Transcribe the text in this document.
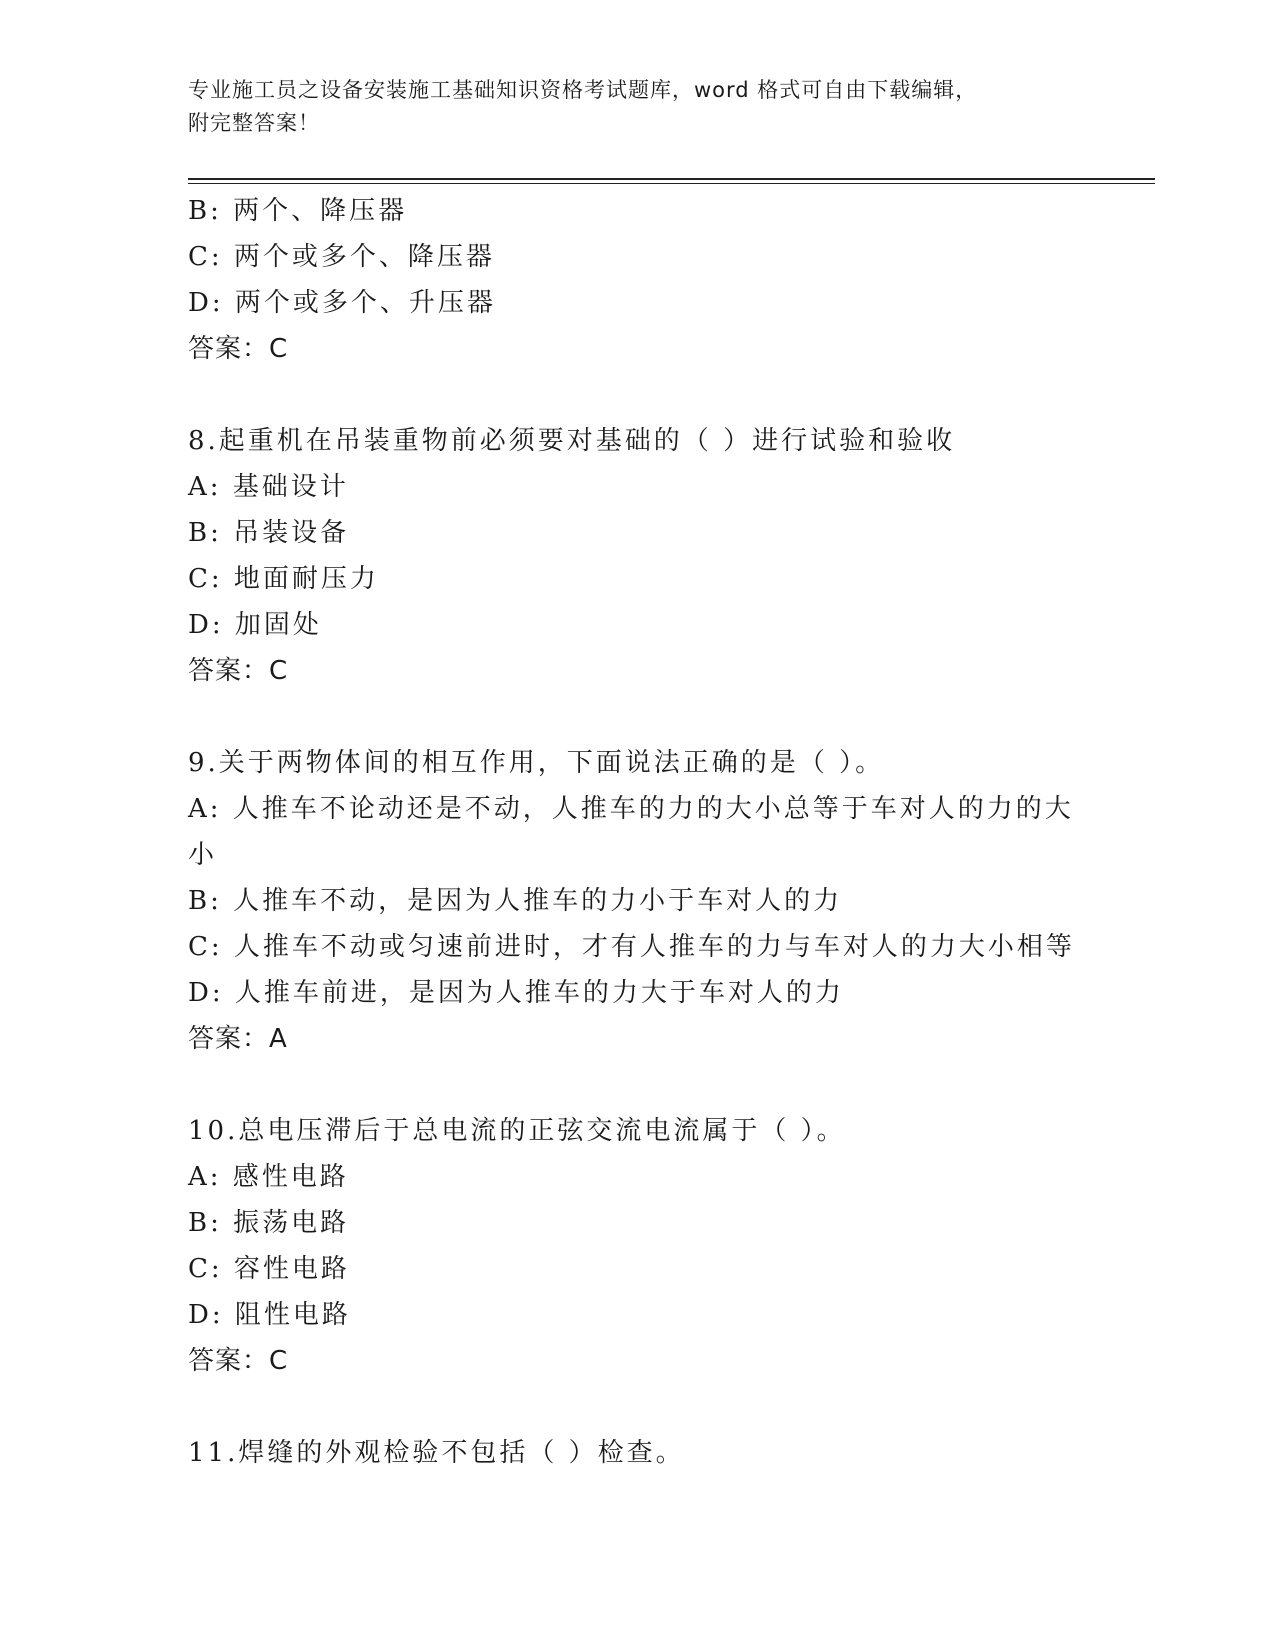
专业施工员之设备安装施工基础知识资格考试题库，word 格式可自由下载编辑，
附完整答案！
B: 两个、降压器
C: 两个或多个、降压器
D: 两个或多个、升压器
答案：C
8.起重机在吊装重物前必须要对基础的（ ）进行试验和验收
A: 基础设计
B: 吊装设备
C: 地面耐压力
D: 加固处
答案：C
9.关于两物体间的相互作用，下面说法正确的是（ ）。
A: 人推车不论动还是不动，人推车的力的大小总等于车对人的力的大小
B: 人推车不动，是因为人推车的力小于车对人的力
C: 人推车不动或匀速前进时，才有人推车的力与车对人的力大小相等
D: 人推车前进，是因为人推车的力大于车对人的力
答案：A
10.总电压滞后于总电流的正弦交流电流属于（ ）。
A: 感性电路
B: 振荡电路
C: 容性电路
D: 阻性电路
答案：C
11.焊缝的外观检验不包括（ ）检查。
